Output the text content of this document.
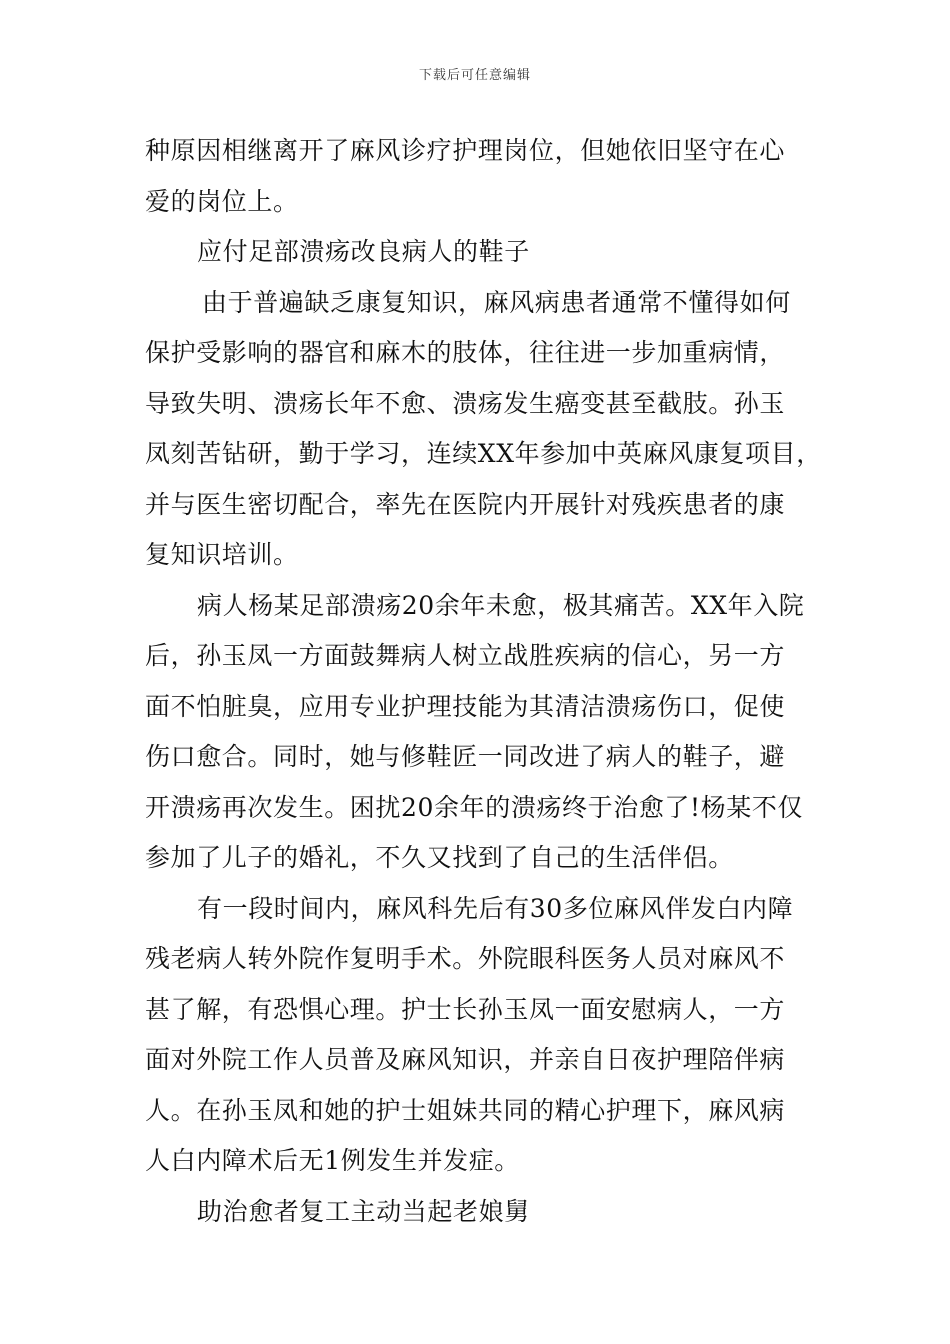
下载后可任意编辑
种原因相继离开了麻风诊疗护理岗位，但她依旧坚守在心
爱的岗位上。
应付足部溃疡改良病人的鞋子
由于普遍缺乏康复知识，麻风病患者通常不懂得如何
保护受影响的器官和麻木的肢体，往往进一步加重病情，
导致失明、溃疡长年不愈、溃疡发生癌变甚至截肢。孙玉
凤刻苦钻研，勤于学习，连续XX年参加中英麻风康复项目，
并与医生密切配合，率先在医院内开展针对残疾患者的康
复知识培训。
病人杨某足部溃疡20余年未愈，极其痛苦。XX年入院
后，孙玉凤一方面鼓舞病人树立战胜疾病的信心，另一方
面不怕脏臭，应用专业护理技能为其清洁溃疡伤口，促使
伤口愈合。同时，她与修鞋匠一同改进了病人的鞋子，避
开溃疡再次发生。困扰20余年的溃疡终于治愈了!杨某不仅
参加了儿子的婚礼，不久又找到了自己的生活伴侣。
有一段时间内，麻风科先后有30多位麻风伴发白内障
残老病人转外院作复明手术。外院眼科医务人员对麻风不
甚了解，有恐惧心理。护士长孙玉凤一面安慰病人，一方
面对外院工作人员普及麻风知识，并亲自日夜护理陪伴病
人。在孙玉凤和她的护士姐妹共同的精心护理下，麻风病
人白内障术后无1例发生并发症。
助治愈者复工主动当起老娘舅
